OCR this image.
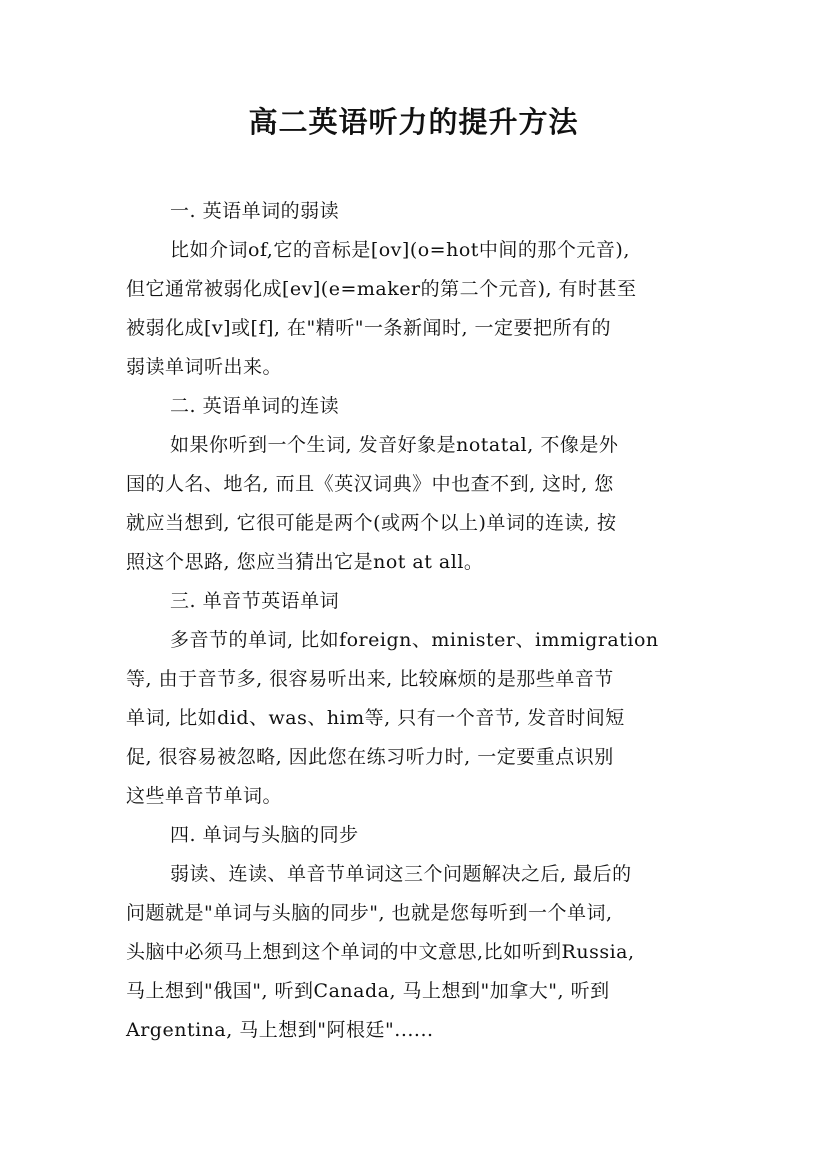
高二英语听力的提升方法

一. 英语单词的弱读

比如介词of,它的音标是[ov](o=hot中间的那个元音),

但它通常被弱化成[ev](e=maker的第二个元音), 有时甚至

被弱化成[v]或[f], 在"精听"一条新闻时, 一定要把所有的

弱读单词听出来。

二. 英语单词的连读

如果你听到一个生词, 发音好象是notatal, 不像是外

国的人名、地名, 而且《英汉词典》中也查不到, 这时, 您

就应当想到, 它很可能是两个(或两个以上)单词的连读, 按

照这个思路, 您应当猜出它是not at all。

三. 单音节英语单词

多音节的单词, 比如foreign、minister、immigration

等, 由于音节多, 很容易听出来, 比较麻烦的是那些单音节

单词, 比如did、was、him等, 只有一个音节, 发音时间短

促, 很容易被忽略, 因此您在练习听力时, 一定要重点识别

这些单音节单词。

四. 单词与头脑的同步

弱读、连读、单音节单词这三个问题解决之后, 最后的

问题就是"单词与头脑的同步", 也就是您每听到一个单词,

头脑中必须马上想到这个单词的中文意思,比如听到Russia,

马上想到"俄国", 听到Canada, 马上想到"加拿大", 听到

Argentina, 马上想到"阿根廷"......
